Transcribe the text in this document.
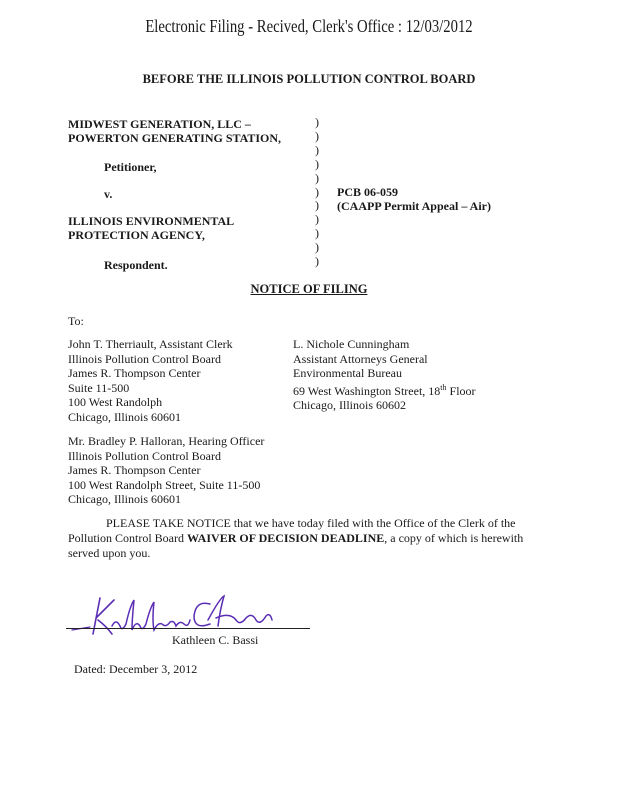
Electronic Filing - Recived, Clerk's Office : 12/03/2012
BEFORE THE ILLINOIS POLLUTION CONTROL BOARD
MIDWEST GENERATION, LLC –
POWERTON GENERATING STATION,
Petitioner,
v.
ILLINOIS ENVIRONMENTAL
PROTECTION AGENCY,
Respondent.
)
)
)
)
)
)
)
)
)
)
)
PCB 06-059
(CAAPP Permit Appeal – Air)
NOTICE OF FILING
To:
John T. Therriault, Assistant Clerk
Illinois Pollution Control Board
James R. Thompson Center
Suite 11-500
100 West Randolph
Chicago, Illinois 60601
L. Nichole Cunningham
Assistant Attorneys General
Environmental Bureau
69 West Washington Street, 18th Floor
Chicago, Illinois 60602
Mr. Bradley P. Halloran, Hearing Officer
Illinois Pollution Control Board
James R. Thompson Center
100 West Randolph Street, Suite 11-500
Chicago, Illinois 60601
PLEASE TAKE NOTICE that we have today filed with the Office of the Clerk of the
Pollution Control Board WAIVER OF DECISION DEADLINE, a copy of which is herewith
served upon you.
Kathleen C. Bassi
Dated: December 3, 2012
